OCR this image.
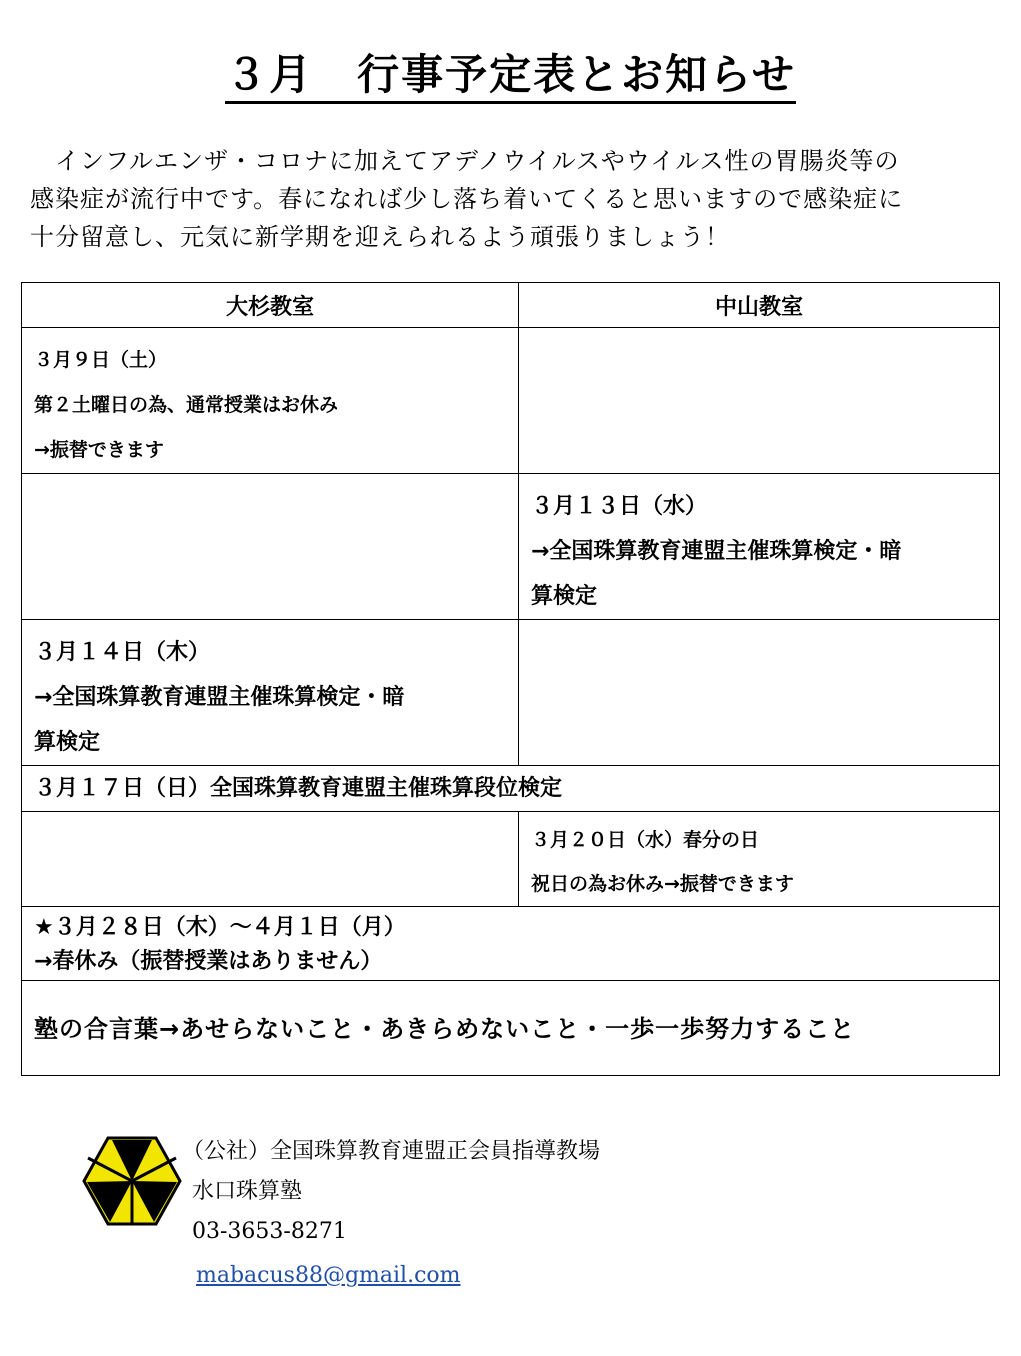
３月　行事予定表とお知らせ
　インフルエンザ・コロナに加えてアデノウイルスやウイルス性の胃腸炎等の
感染症が流行中です。春になれば少し落ち着いてくると思いますので感染症に
十分留意し、元気に新学期を迎えられるよう頑張りましょう！
大杉教室	中山教室

３月９日（土）
第２土曜日の為、通常授業はお休み
→振替できます	

	３月１３日（水）
→全国珠算教育連盟主催珠算検定・暗
算検定

３月１４日（木）
→全国珠算教育連盟主催珠算検定・暗
算検定	

３月１７日（日）全国珠算教育連盟主催珠算段位検定	

	３月２０日（水）春分の日
祝日の為お休み→振替できます

★３月２８日（木）～４月１日（月）
→春休み（振替授業はありません）	

塾の合言葉→あせらないこと・あきらめないこと・一歩一歩努力すること	
（公社）全国珠算教育連盟正会員指導教場
水口珠算塾
03-3653-8271
mabacus88@gmail.com
